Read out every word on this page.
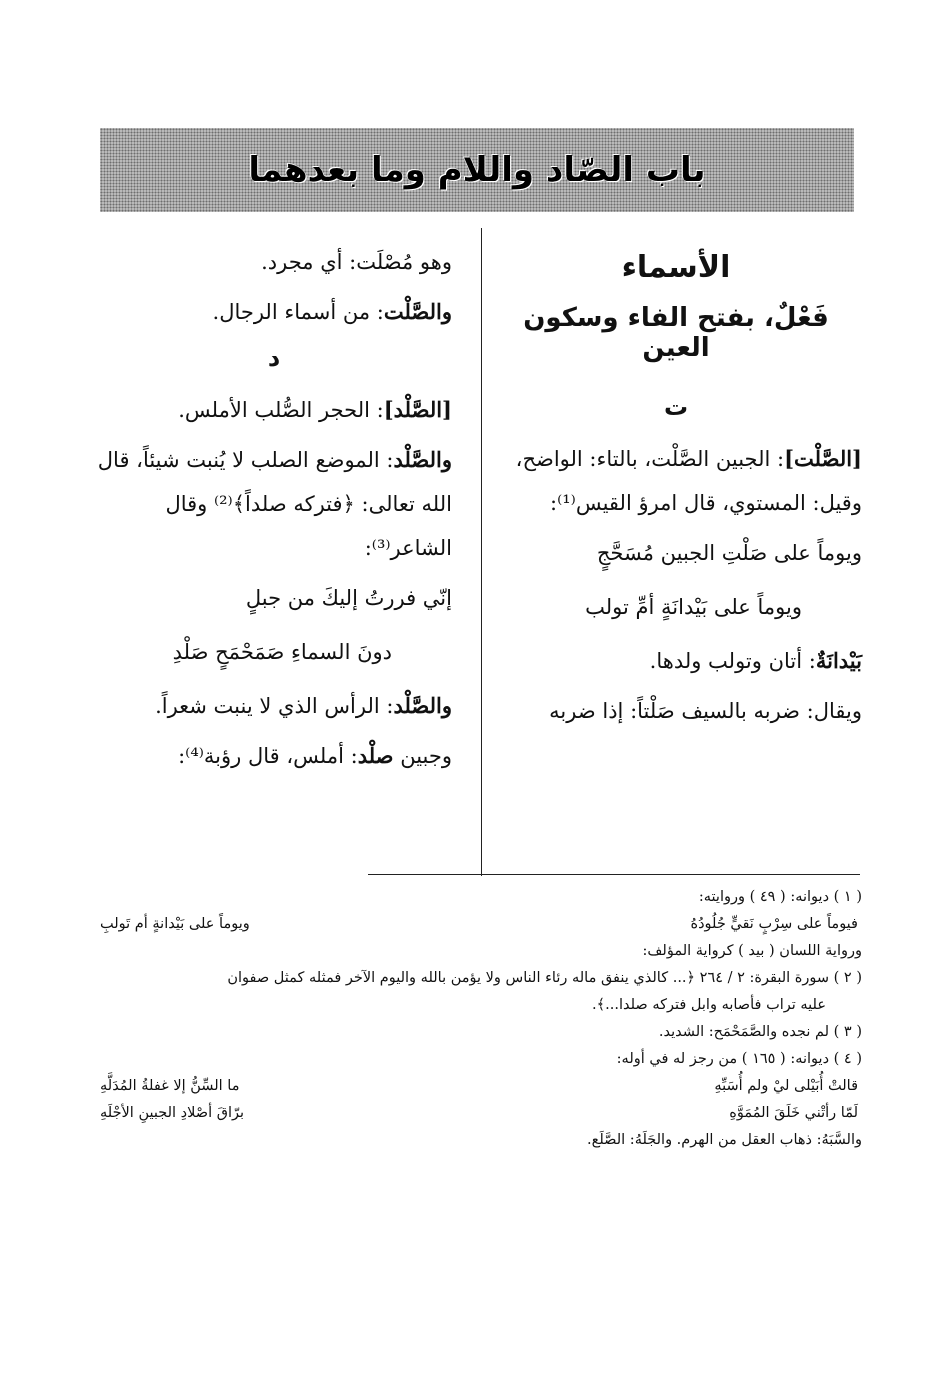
باب الصّاد واللام وما بعدهما
الأسماء
فَعْلٌ، بفتح الفاء وسكون العين
ت

[الصَّلْت]: الجبين الصَّلْت، بالتاء: الواضح، وقيل: المستوي، قال امرؤ القيس⁽¹⁾:

ويوماً على صَلْتِ الجبين مُسَحَّجٍ

ويوماً على بَيْدانَةٍ أمِّ تولب

بَيْدانَةٌ: أتان وتولب ولدها.

ويقال: ضربه بالسيف صَلْتاً: إذا ضربه

وهو مُصْلَت: أي مجرد.

والصَّلْت: من أسماء الرجال.

د

[الصَّلْد]: الحجر الصُّلب الأملس.

والصَّلْد: الموضع الصلب لا يُنبت شيئاً، قال الله تعالى: ﴿فتركه صلداً﴾⁽²⁾ وقال الشاعر⁽³⁾:

إنّي فررتُ إليكَ من جبلٍ

دونَ السماءِ صَمَحْمَحٍ صَلْدِ

والصَّلْد: الرأس الذي لا ينبت شعراً.

وجبين صلْد: أملس، قال رؤبة⁽⁴⁾:

( ١ ) ديوانه: ( ٤٩ ) وروايته:

فيوماً على سِرْبٍ نَقيٍّ جُلُودُهُ
ويوماً على بَيْدانةٍ أم تَولبِ

ورواية اللسان ( بيد ) كرواية المؤلف:

( ٢ ) سورة البقرة: ٢ / ٢٦٤ ﴿... كالذي ينفق ماله رئاء الناس ولا يؤمن بالله واليوم الآخر فمثله كمثل صفوان

عليه تراب فأصابه وابل فتركه صلدا...﴾.

( ٣ ) لم نجده والصَّمَحْمَح: الشديد.

( ٤ ) ديوانه: ( ١٦٥ ) من رجز له في أوله:

قالتْ أُبَيْلى ليْ ولم أُسَبِّهِ
ما السِّنُّ إلا غفلةُ المُدَلَّهِ
لَمّا رأتْني خَلَقَ المُمَوَّهِ
برّاقَ أصْلادِ الجبينِ الأجْلَهِ

والسَّبَهُ: ذهاب العقل من الهرم. والجَلَهُ: الصَّلَع.
